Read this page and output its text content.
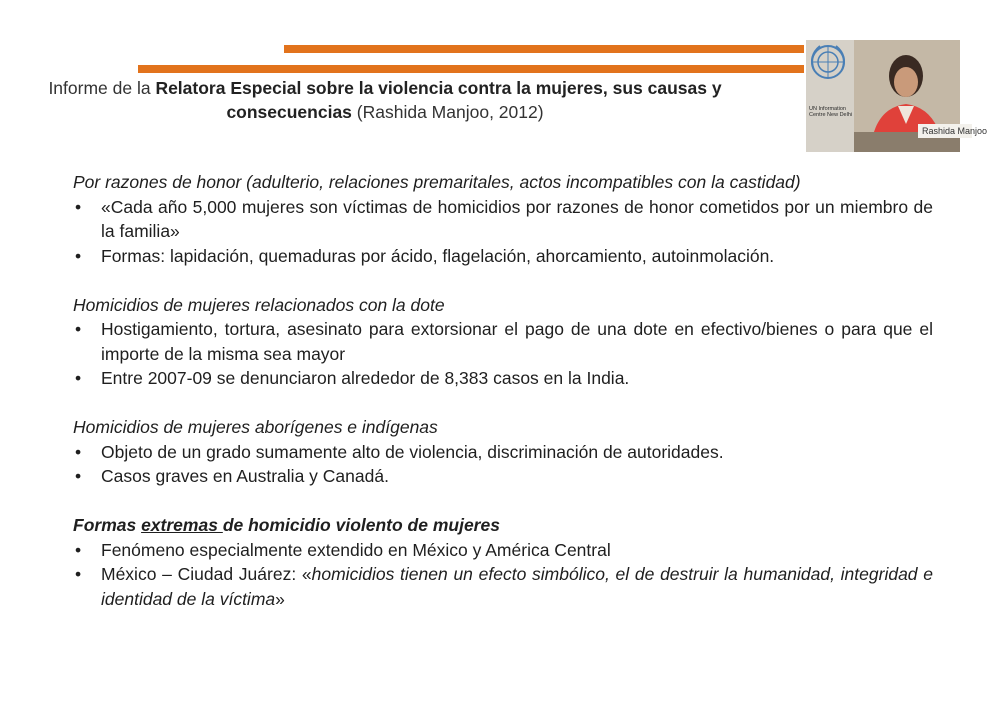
Informe de la Relatora Especial sobre la violencia contra la mujeres, sus causas y consecuencias (Rashida Manjoo, 2012)	UN Information Centre New Delhi
Rashida Manjoo

Por razones de honor (adulterio, relaciones premaritales, actos incompatibles con la castidad)

• «Cada año 5,000 mujeres son víctimas de homicidios por razones de honor cometidos por un miembro de la familia»
• Formas: lapidación, quemaduras por ácido, flagelación, ahorcamiento, autoinmolación.

Homicidios de mujeres relacionados con la dote

• Hostigamiento, tortura, asesinato para extorsionar el pago de una dote en efectivo/bienes o para que el importe de la misma sea mayor
• Entre 2007-09 se denunciaron alrededor de 8,383 casos en la India.

Homicidios de mujeres aborígenes e indígenas

• Objeto de un grado sumamente alto de violencia, discriminación de autoridades.
• Casos graves en Australia y Canadá.

Formas extremas de homicidio violento de mujeres

• Fenómeno especialmente extendido en México y América Central
• México – Ciudad Juárez: «homicidios tienen un efecto simbólico, el de destruir la humanidad, integridad e identidad de la víctima»
